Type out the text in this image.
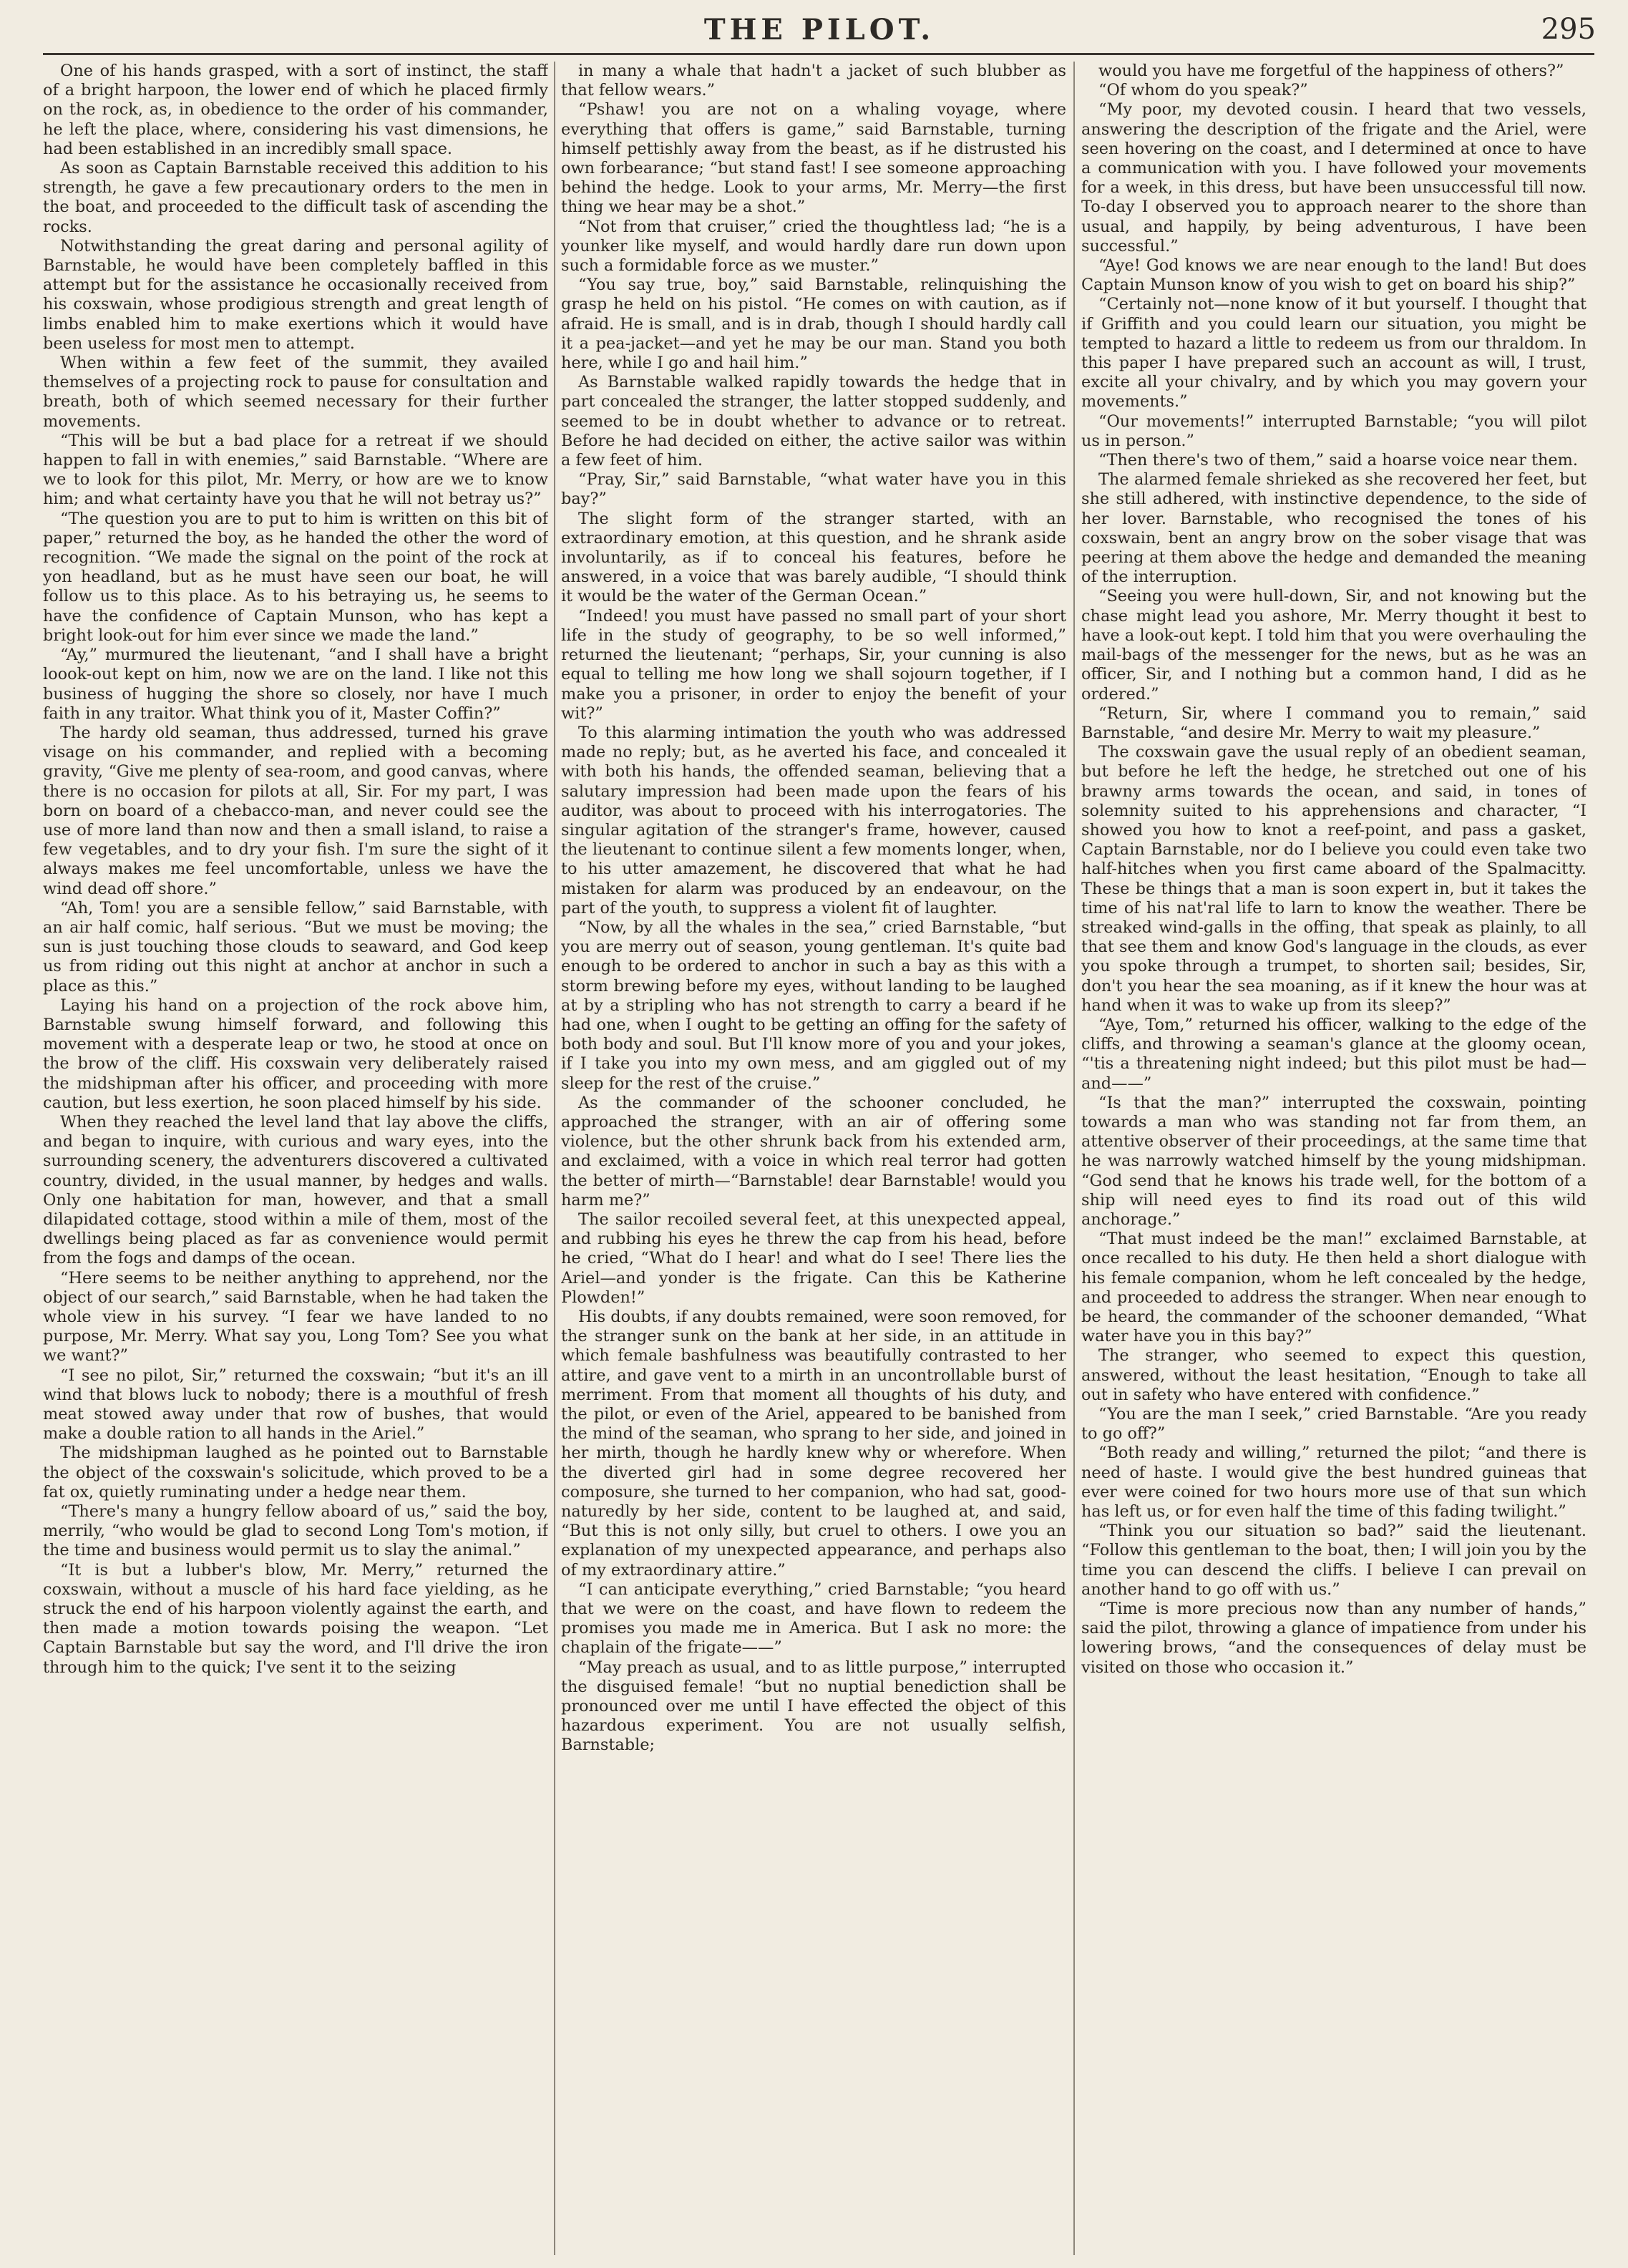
THE PILOT.	295

One of his hands grasped, with a sort of instinct, the staff of a bright harpoon, the lower end of which he placed firmly on the rock, as, in obedience to the order of his commander, he left the place, where, considering his vast dimensions, he had been established in an incredibly small space.

As soon as Captain Barnstable received this addition to his strength, he gave a few precautionary orders to the men in the boat, and proceeded to the difficult task of ascending the rocks.

Notwithstanding the great daring and personal agility of Barnstable, he would have been completely baffled in this attempt but for the assistance he occasionally received from his coxswain, whose prodigious strength and great length of limbs enabled him to make exertions which it would have been useless for most men to attempt.

When within a few feet of the summit, they availed themselves of a projecting rock to pause for consultation and breath, both of which seemed necessary for their further movements.

“This will be but a bad place for a retreat if we should happen to fall in with enemies,” said Barnstable. “Where are we to look for this pilot, Mr. Merry, or how are we to know him; and what certainty have you that he will not betray us?”

“The question you are to put to him is written on this bit of paper,” returned the boy, as he handed the other the word of recognition. “We made the signal on the point of the rock at yon headland, but as he must have seen our boat, he will follow us to this place. As to his betraying us, he seems to have the confidence of Captain Munson, who has kept a bright look-out for him ever since we made the land.”

“Ay,” murmured the lieutenant, “and I shall have a bright loook-out kept on him, now we are on the land. I like not this business of hugging the shore so closely, nor have I much faith in any traitor. What think you of it, Master Coffin?”

The hardy old seaman, thus addressed, turned his grave visage on his commander, and replied with a becoming gravity, “Give me plenty of sea-room, and good canvas, where there is no occasion for pilots at all, Sir. For my part, I was born on board of a chebacco-man, and never could see the use of more land than now and then a small island, to raise a few vegetables, and to dry your fish. I'm sure the sight of it always makes me feel uncomfortable, unless we have the wind dead off shore.”

“Ah, Tom! you are a sensible fellow,” said Barnstable, with an air half comic, half serious. “But we must be moving; the sun is just touching those clouds to seaward, and God keep us from riding out this night at anchor at anchor in such a place as this.”

Laying his hand on a projection of the rock above him, Barnstable swung himself forward, and following this movement with a desperate leap or two, he stood at once on the brow of the cliff. His coxswain very deliberately raised the midshipman after his officer, and proceeding with more caution, but less exertion, he soon placed himself by his side.

When they reached the level land that lay above the cliffs, and began to inquire, with curious and wary eyes, into the surrounding scenery, the adventurers discovered a cultivated country, divided, in the usual manner, by hedges and walls. Only one habitation for man, however, and that a small dilapidated cottage, stood within a mile of them, most of the dwellings being placed as far as convenience would permit from the fogs and damps of the ocean.

“Here seems to be neither anything to apprehend, nor the object of our search,” said Barnstable, when he had taken the whole view in his survey. “I fear we have landed to no purpose, Mr. Merry. What say you, Long Tom? See you what we want?”

“I see no pilot, Sir,” returned the coxswain; “but it's an ill wind that blows luck to nobody; there is a mouthful of fresh meat stowed away under that row of bushes, that would make a double ration to all hands in the Ariel.”

The midshipman laughed as he pointed out to Barnstable the object of the coxswain's solicitude, which proved to be a fat ox, quietly ruminating under a hedge near them.

“There's many a hungry fellow aboard of us,” said the boy, merrily, “who would be glad to second Long Tom's motion, if the time and business would permit us to slay the animal.”

“It is but a lubber's blow, Mr. Merry,” returned the coxswain, without a muscle of his hard face yielding, as he struck the end of his harpoon violently against the earth, and then made a motion towards poising the weapon. “Let Captain Barnstable but say the word, and I'll drive the iron through him to the quick; I've sent it to the seizing

in many a whale that hadn't a jacket of such blubber as that fellow wears.”

“Pshaw! you are not on a whaling voyage, where everything that offers is game,” said Barnstable, turning himself pettishly away from the beast, as if he distrusted his own forbearance; “but stand fast! I see someone approaching behind the hedge. Look to your arms, Mr. Merry—the first thing we hear may be a shot.”

“Not from that cruiser,” cried the thoughtless lad; “he is a younker like myself, and would hardly dare run down upon such a formidable force as we muster.”

“You say true, boy,” said Barnstable, relinquishing the grasp he held on his pistol. “He comes on with caution, as if afraid. He is small, and is in drab, though I should hardly call it a pea-jacket—and yet he may be our man. Stand you both here, while I go and hail him.”

As Barnstable walked rapidly towards the hedge that in part concealed the stranger, the latter stopped suddenly, and seemed to be in doubt whether to advance or to retreat. Before he had decided on either, the active sailor was within a few feet of him.

“Pray, Sir,” said Barnstable, “what water have you in this bay?”

The slight form of the stranger started, with an extraordinary emotion, at this question, and he shrank aside involuntarily, as if to conceal his features, before he answered, in a voice that was barely audible, “I should think it would be the water of the German Ocean.”

“Indeed! you must have passed no small part of your short life in the study of geography, to be so well informed,” returned the lieutenant; “perhaps, Sir, your cunning is also equal to telling me how long we shall sojourn together, if I make you a prisoner, in order to enjoy the benefit of your wit?”

To this alarming intimation the youth who was addressed made no reply; but, as he averted his face, and concealed it with both his hands, the offended seaman, believing that a salutary impression had been made upon the fears of his auditor, was about to proceed with his interrogatories. The singular agitation of the stranger's frame, however, caused the lieutenant to continue silent a few moments longer, when, to his utter amazement, he discovered that what he had mistaken for alarm was produced by an endeavour, on the part of the youth, to suppress a violent fit of laughter.

“Now, by all the whales in the sea,” cried Barnstable, “but you are merry out of season, young gentleman. It's quite bad enough to be ordered to anchor in such a bay as this with a storm brewing before my eyes, without landing to be laughed at by a stripling who has not strength to carry a beard if he had one, when I ought to be getting an offing for the safety of both body and soul. But I'll know more of you and your jokes, if I take you into my own mess, and am giggled out of my sleep for the rest of the cruise.”

As the commander of the schooner concluded, he approached the stranger, with an air of offering some violence, but the other shrunk back from his extended arm, and exclaimed, with a voice in which real terror had gotten the better of mirth—“Barnstable! dear Barnstable! would you harm me?”

The sailor recoiled several feet, at this unexpected appeal, and rubbing his eyes he threw the cap from his head, before he cried, “What do I hear! and what do I see! There lies the Ariel—and yonder is the frigate. Can this be Katherine Plowden!”

His doubts, if any doubts remained, were soon removed, for the stranger sunk on the bank at her side, in an attitude in which female bashfulness was beautifully contrasted to her attire, and gave vent to a mirth in an uncontrollable burst of merriment. From that moment all thoughts of his duty, and the pilot, or even of the Ariel, appeared to be banished from the mind of the seaman, who sprang to her side, and joined in her mirth, though he hardly knew why or wherefore. When the diverted girl had in some degree recovered her composure, she turned to her companion, who had sat, good-naturedly by her side, content to be laughed at, and said, “But this is not only silly, but cruel to others. I owe you an explanation of my unexpected appearance, and perhaps also of my extraordinary attire.”

“I can anticipate everything,” cried Barnstable; “you heard that we were on the coast, and have flown to redeem the promises you made me in America. But I ask no more: the chaplain of the frigate——”

“May preach as usual, and to as little purpose,” interrupted the disguised female! “but no nuptial benediction shall be pronounced over me until I have effected the object of this hazardous experiment. You are not usually selfish, Barnstable;

would you have me forgetful of the happiness of others?”

“Of whom do you speak?”

“My poor, my devoted cousin. I heard that two vessels, answering the description of the frigate and the Ariel, were seen hovering on the coast, and I determined at once to have a communication with you. I have followed your movements for a week, in this dress, but have been unsuccessful till now. To-day I observed you to approach nearer to the shore than usual, and happily, by being adventurous, I have been successful.”

“Aye! God knows we are near enough to the land! But does Captain Munson know of you wish to get on board his ship?”

“Certainly not—none know of it but yourself. I thought that if Griffith and you could learn our situation, you might be tempted to hazard a little to redeem us from our thraldom. In this paper I have prepared such an account as will, I trust, excite all your chivalry, and by which you may govern your movements.”

“Our movements!” interrupted Barnstable; “you will pilot us in person.”

“Then there's two of them,” said a hoarse voice near them.

The alarmed female shrieked as she recovered her feet, but she still adhered, with instinctive dependence, to the side of her lover. Barnstable, who recognised the tones of his coxswain, bent an angry brow on the sober visage that was peering at them above the hedge and demanded the meaning of the interruption.

“Seeing you were hull-down, Sir, and not knowing but the chase might lead you ashore, Mr. Merry thought it best to have a look-out kept. I told him that you were overhauling the mail-bags of the messenger for the news, but as he was an officer, Sir, and I nothing but a common hand, I did as he ordered.”

“Return, Sir, where I command you to remain,” said Barnstable, “and desire Mr. Merry to wait my pleasure.”

The coxswain gave the usual reply of an obedient seaman, but before he left the hedge, he stretched out one of his brawny arms towards the ocean, and said, in tones of solemnity suited to his apprehensions and character, “I showed you how to knot a reef-point, and pass a gasket, Captain Barnstable, nor do I believe you could even take two half-hitches when you first came aboard of the Spalmacitty. These be things that a man is soon expert in, but it takes the time of his nat'ral life to larn to know the weather. There be streaked wind-galls in the offing, that speak as plainly, to all that see them and know God's language in the clouds, as ever you spoke through a trumpet, to shorten sail; besides, Sir, don't you hear the sea moaning, as if it knew the hour was at hand when it was to wake up from its sleep?”

“Aye, Tom,” returned his officer, walking to the edge of the cliffs, and throwing a seaman's glance at the gloomy ocean, “'tis a threatening night indeed; but this pilot must be had—and——”

“Is that the man?” interrupted the coxswain, pointing towards a man who was standing not far from them, an attentive observer of their proceedings, at the same time that he was narrowly watched himself by the young midshipman. “God send that he knows his trade well, for the bottom of a ship will need eyes to find its road out of this wild anchorage.”

“That must indeed be the man!” exclaimed Barnstable, at once recalled to his duty. He then held a short dialogue with his female companion, whom he left concealed by the hedge, and proceeded to address the stranger. When near enough to be heard, the commander of the schooner demanded, “What water have you in this bay?”

The stranger, who seemed to expect this question, answered, without the least hesitation, “Enough to take all out in safety who have entered with confidence.”

“You are the man I seek,” cried Barnstable. “Are you ready to go off?”

“Both ready and willing,” returned the pilot; “and there is need of haste. I would give the best hundred guineas that ever were coined for two hours more use of that sun which has left us, or for even half the time of this fading twilight.”

“Think you our situation so bad?” said the lieutenant. “Follow this gentleman to the boat, then; I will join you by the time you can descend the cliffs. I believe I can prevail on another hand to go off with us.”

“Time is more precious now than any number of hands,” said the pilot, throwing a glance of impatience from under his lowering brows, “and the consequences of delay must be visited on those who occasion it.”
